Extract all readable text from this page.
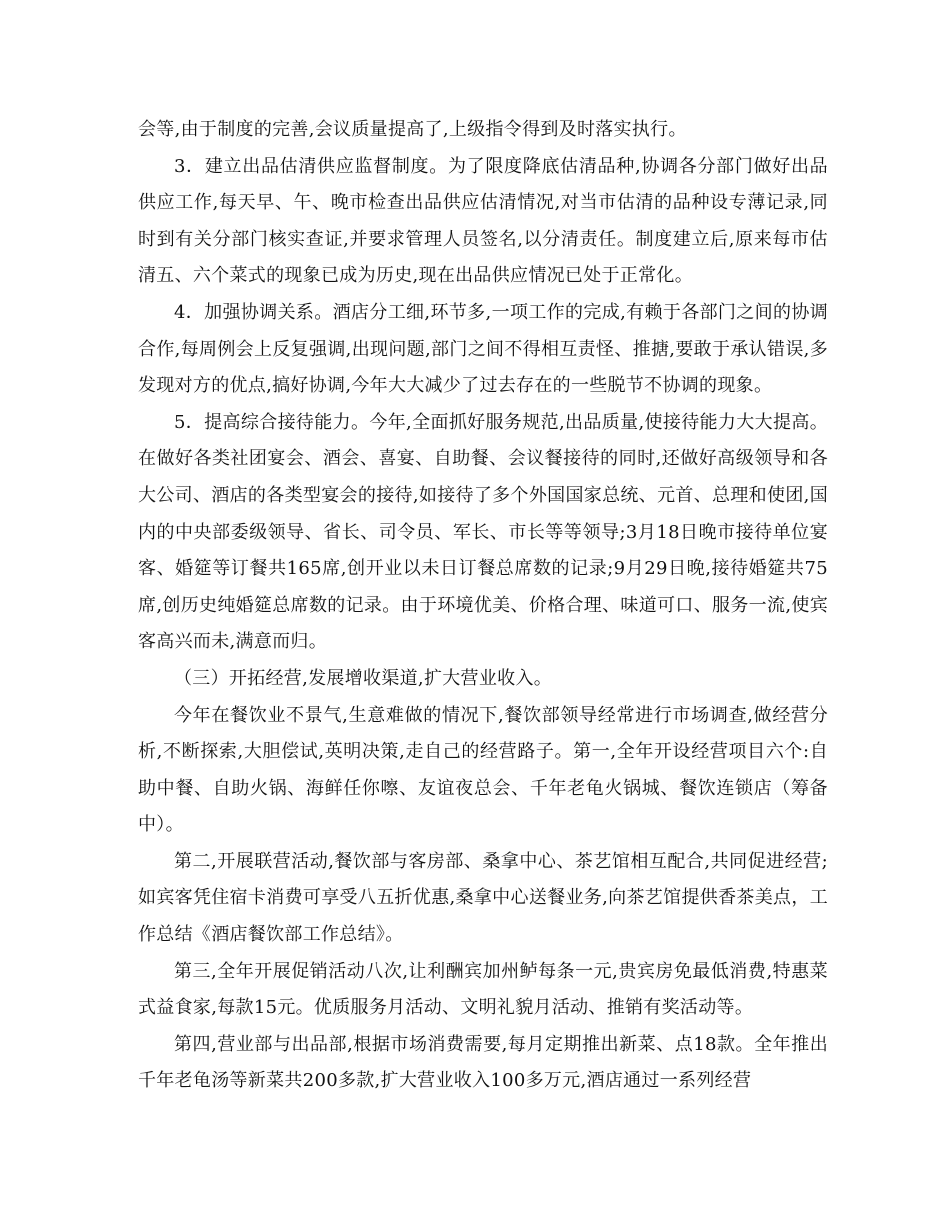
会等,由于制度的完善,会议质量提高了,上级指令得到及时落实执行。

3．建立出品估清供应监督制度。为了限度降底估清品种,协调各分部门做好出品供应工作,每天早、午、晚市检查出品供应估清情况,对当市估清的品种设专薄记录,同时到有关分部门核实查证,并要求管理人员签名,以分清责任。制度建立后,原来每市估清五、六个菜式的现象已成为历史,现在出品供应情况已处于正常化。

4．加强协调关系。酒店分工细,环节多,一项工作的完成,有赖于各部门之间的协调合作,每周例会上反复强调,出现问题,部门之间不得相互责怪、推搪,要敢于承认错误,多发现对方的优点,搞好协调,今年大大减少了过去存在的一些脱节不协调的现象。

5．提高综合接待能力。今年,全面抓好服务规范,出品质量,使接待能力大大提高。在做好各类社团宴会、酒会、喜宴、自助餐、会议餐接待的同时,还做好高级领导和各大公司、酒店的各类型宴会的接待,如接待了多个外国国家总统、元首、总理和使团,国内的中央部委级领导、省长、司令员、军长、市长等等领导;3月18日晚市接待单位宴客、婚筵等订餐共165席,创开业以未日订餐总席数的记录;9月29日晚,接待婚筵共75席,创历史纯婚筵总席数的记录。由于环境优美、价格合理、味道可口、服务一流,使宾客高兴而未,满意而归。

（三）开拓经营,发展增收渠道,扩大营业收入。

今年在餐饮业不景气,生意难做的情况下,餐饮部领导经常进行市场调查,做经营分析,不断探索,大胆偿试,英明决策,走自己的经营路子。第一,全年开设经营项目六个:自助中餐、自助火锅、海鲜任你嚓、友谊夜总会、千年老龟火锅城、餐饮连锁店（筹备中）。

第二,开展联营活动,餐饮部与客房部、桑拿中心、茶艺馆相互配合,共同促进经营;如宾客凭住宿卡消费可享受八五折优惠,桑拿中心送餐业务,向茶艺馆提供香茶美点，工作总结《酒店餐饮部工作总结》。

第三,全年开展促销活动八次,让利酬宾加州鲈每条一元,贵宾房免最低消费,特惠菜式益食家,每款15元。优质服务月活动、文明礼貌月活动、推销有奖活动等。

第四,营业部与出品部,根据市场消费需要,每月定期推出新菜、点18款。全年推出千年老龟汤等新菜共200多款,扩大营业收入100多万元,酒店通过一系列经营
